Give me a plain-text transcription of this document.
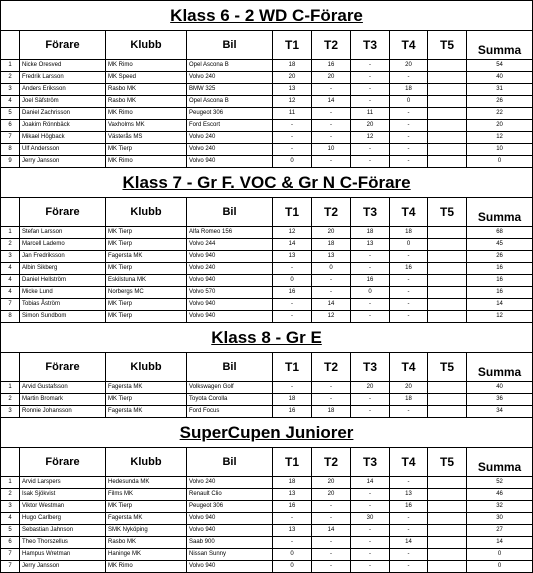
Klass 6 - 2 WD C-Förare									
	Förare	Klubb	Bil	T1	T2	T3	T4	T5	Summa
1	Nicke Oresved	MK Rimo	Opel Ascona B	18	16	-	20		54
2	Fredrik Larsson	MK Speed	Volvo 240	20	20	-	-		40
3	Anders Eriksson	Rasbo MK	BMW 325	13	-	-	18		31
4	Joel Säfström	Rasbo MK	Opel Ascona B	12	14	-	0		26
5	Daniel Zachrisson	MK Rimo	Peugeot 306	11	-	11	-		22
6	Joakim Rönnbäck	Vaxholms MK	Ford Escort	-	-	20	-		20
7	Mikael Högback	Västerås MS	Volvo 240	-	-	12	-		12
8	Ulf Andersson	MK Tierp	Volvo 240	-	10	-	-		10
9	Jerry Jansson	MK Rimo	Volvo 940	0	-	-	-		0
Klass 7 - Gr F. VOC & Gr N C-Förare									
	Förare	Klubb	Bil	T1	T2	T3	T4	T5	Summa
1	Stefan Larsson	MK Tierp	Alfa Romeo 156	12	20	18	18		68
2	Marcell Lademo	MK Tierp	Volvo 244	14	18	13	0		45
3	Jan Fredriksson	Fagersta MK	Volvo 940	13	13	-	-		26
4	Albin Sikberg	MK Tierp	Volvo 240	-	0	-	16		16
4	Daniel Hellström	Eskilstuna MK	Volvo 940	0	-	16	-		16
4	Micke Lund	Norbergs MC	Volvo 570	16	-	0	-		16
7	Tobias Åström	MK Tierp	Volvo 940	-	14	-	-		14
8	Simon Sundbom	MK Tierp	Volvo 940	-	12	-	-		12
Klass 8 - Gr E									
	Förare	Klubb	Bil	T1	T2	T3	T4	T5	Summa
1	Arvid Gustafsson	Fagersta MK	Volkswagen Golf	-	-	20	20		40
2	Martin Bromark	MK Tierp	Toyota Corolla	18	-	-	18		36
3	Ronnie Johansson	Fagersta MK	Ford Focus	16	18	-	-		34
SuperCupen Juniorer									
	Förare	Klubb	Bil	T1	T2	T3	T4	T5	Summa
1	Arvid Larspers	Hedesunda MK	Volvo 240	18	20	14	-		52
2	Isak Sjökvist	Films MK	Renault Clio	13	20	-	13		46
3	Viktor Westman	MK Tierp	Peugeot 306	16	-	-	16		32
4	Hugo Carlberg	Fagersta MK	Volvo 940	-	-	30	-		30
5	Sebastian Jahnson	SMK Nyköping	Volvo 940	13	14	-	-		27
6	Theo Thorszellus	Rasbo MK	Saab 900	-	-	-	14		14
7	Hampus Wretman	Haninge MK	Nissan Sunny	0	-	-	-		0
7	Jerry Jansson	MK Rimo	Volvo 940	0	-	-	-		0
